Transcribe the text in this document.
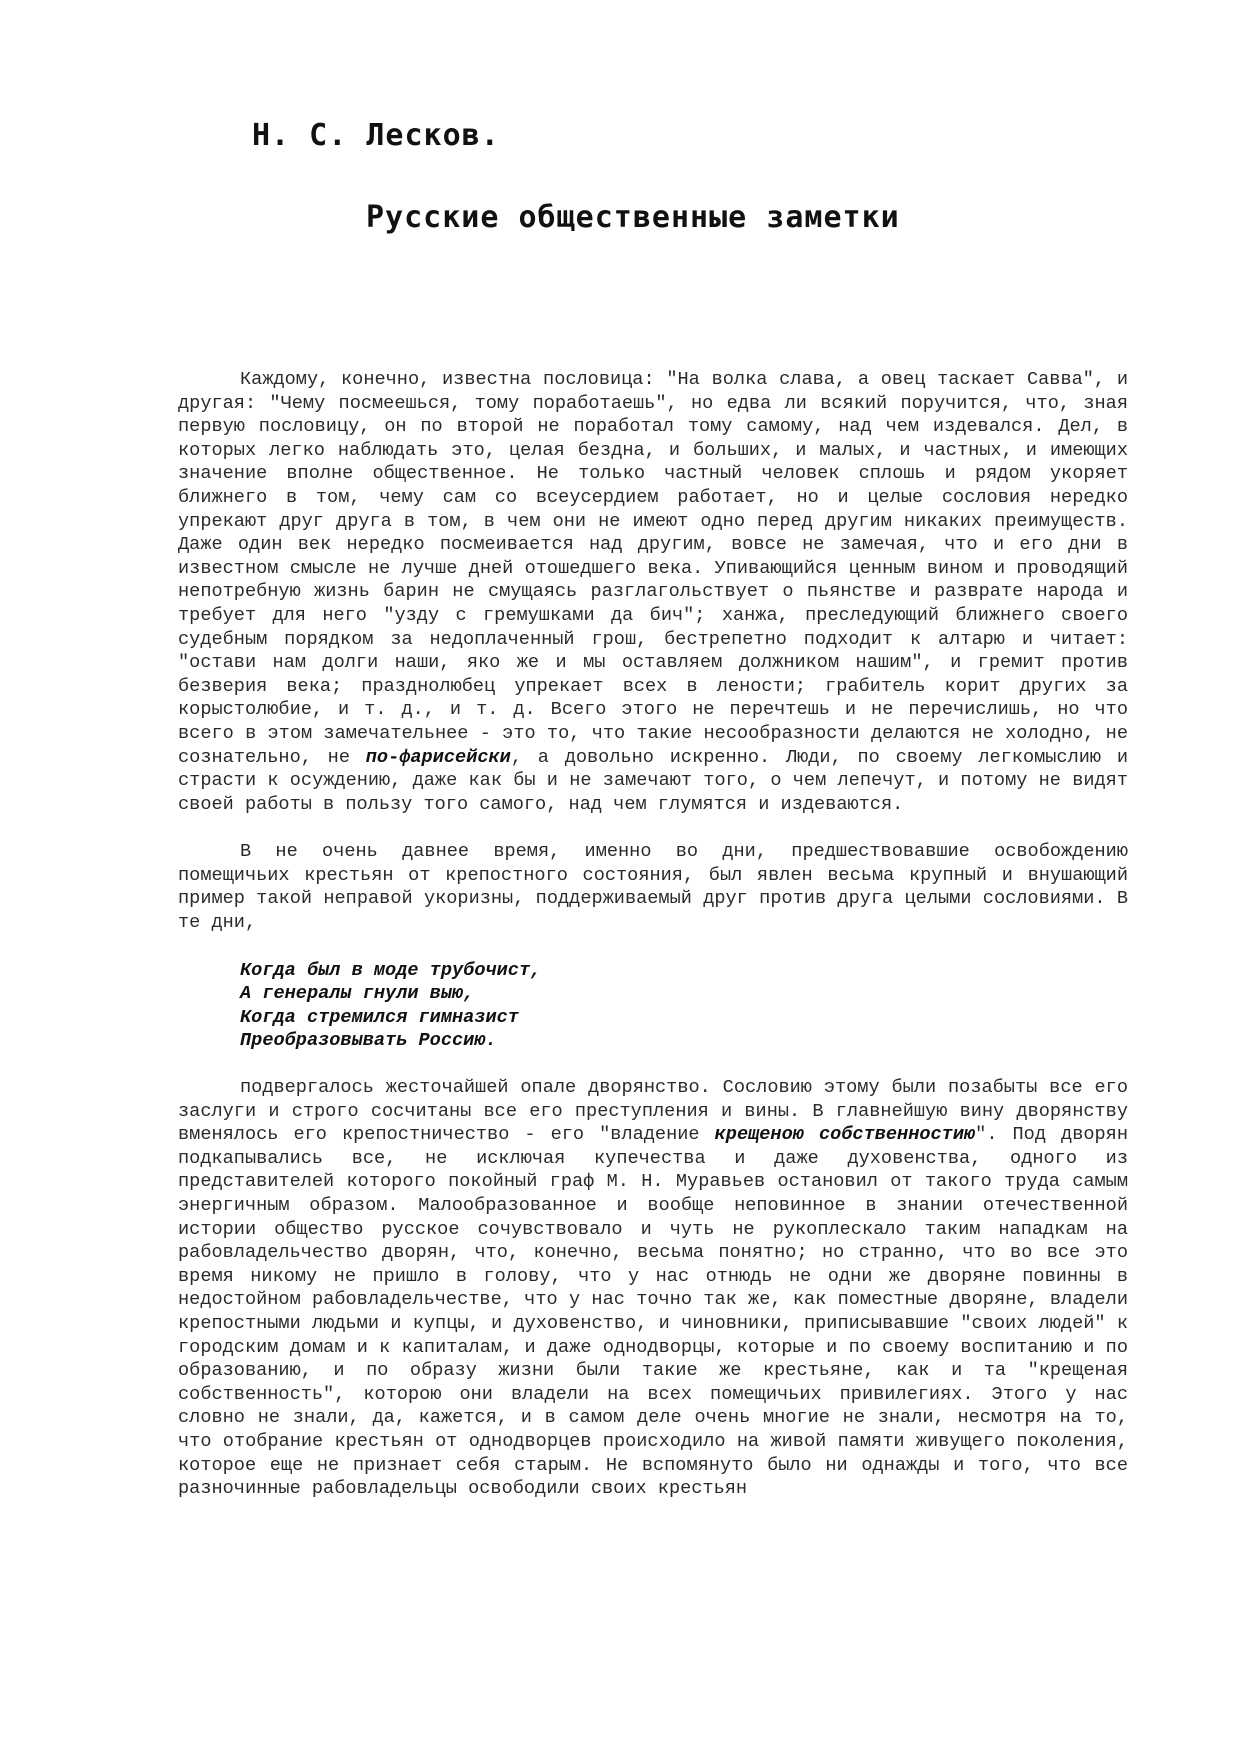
Н. С. Лесков.
Русские общественные заметки

Каждому, конечно, известна пословица: "На волка слава, а овец таскает Савва", и другая: "Чему посмеешься, тому поработаешь", но едва ли всякий поручится, что, зная первую пословицу, он по второй не поработал тому самому, над чем издевался. Дел, в которых легко наблюдать это, целая бездна, и больших, и малых, и частных, и имеющих значение вполне общественное. Не только частный человек сплошь и рядом укоряет ближнего в том, чему сам со всеусердием работает, но и целые сословия нередко упрекают друг друга в том, в чем они не имеют одно перед другим никаких преимуществ. Даже один век нередко посмеивается над другим, вовсе не замечая, что и его дни в известном смысле не лучше дней отошедшего века. Упивающийся ценным вином и проводящий непотребную жизнь барин не смущаясь разглагольствует о пьянстве и разврате народа и требует для него "узду с гремушками да бич"; ханжа, преследующий ближнего своего судебным порядком за недоплаченный грош, бестрепетно подходит к алтарю и читает: "остави нам долги наши, яко же и мы оставляем должником нашим", и гремит против безверия века; празднолюбец упрекает всех в лености; грабитель корит других за корыстолюбие, и т. д., и т. д. Всего этого не перечтешь и не перечислишь, но что всего в этом замечательнее - это то, что такие несообразности делаются не холодно, не сознательно, не по-фарисейски, а довольно искренно. Люди, по своему легкомыслию и страсти к осуждению, даже как бы и не замечают того, о чем лепечут, и потому не видят своей работы в пользу того самого, над чем глумятся и издеваются.

В не очень давнее время, именно во дни, предшествовавшие освобождению помещичьих крестьян от крепостного состояния, был явлен весьма крупный и внушающий пример такой неправой укоризны, поддерживаемый друг против друга целыми сословиями. В те дни,

Когда был в моде трубочист,
А генералы гнули выю,
Когда стремился гимназист
Преобразовывать Россию.

подвергалось жесточайшей опале дворянство. Сословию этому были позабыты все его заслуги и строго сосчитаны все его преступления и вины. В главнейшую вину дворянству вменялось его крепостничество - его "владение крещеною собственностию". Под дворян подкапывались все, не исключая купечества и даже духовенства, одного из представителей которого покойный граф М. Н. Муравьев остановил от такого труда самым энергичным образом. Малообразованное и вообще неповинное в знании отечественной истории общество русское сочувствовало и чуть не рукоплескало таким нападкам на рабовладельчество дворян, что, конечно, весьма понятно; но странно, что во все это время никому не пришло в голову, что у нас отнюдь не одни же дворяне повинны в недостойном рабовладельчестве, что у нас точно так же, как поместные дворяне, владели крепостными людьми и купцы, и духовенство, и чиновники, приписывавшие "своих людей" к городским домам и к капиталам, и даже однодворцы, которые и по своему воспитанию и по образованию, и по образу жизни были такие же крестьяне, как и та "крещеная собственность", которою они владели на всех помещичьих привилегиях. Этого у нас словно не знали, да, кажется, и в самом деле очень многие не знали, несмотря на то, что отобрание крестьян от однодворцев происходило на живой памяти живущего поколения, которое еще не признает себя старым. Не вспомянуто было ни однажды и того, что все разночинные рабовладельцы освободили своих крестьян
